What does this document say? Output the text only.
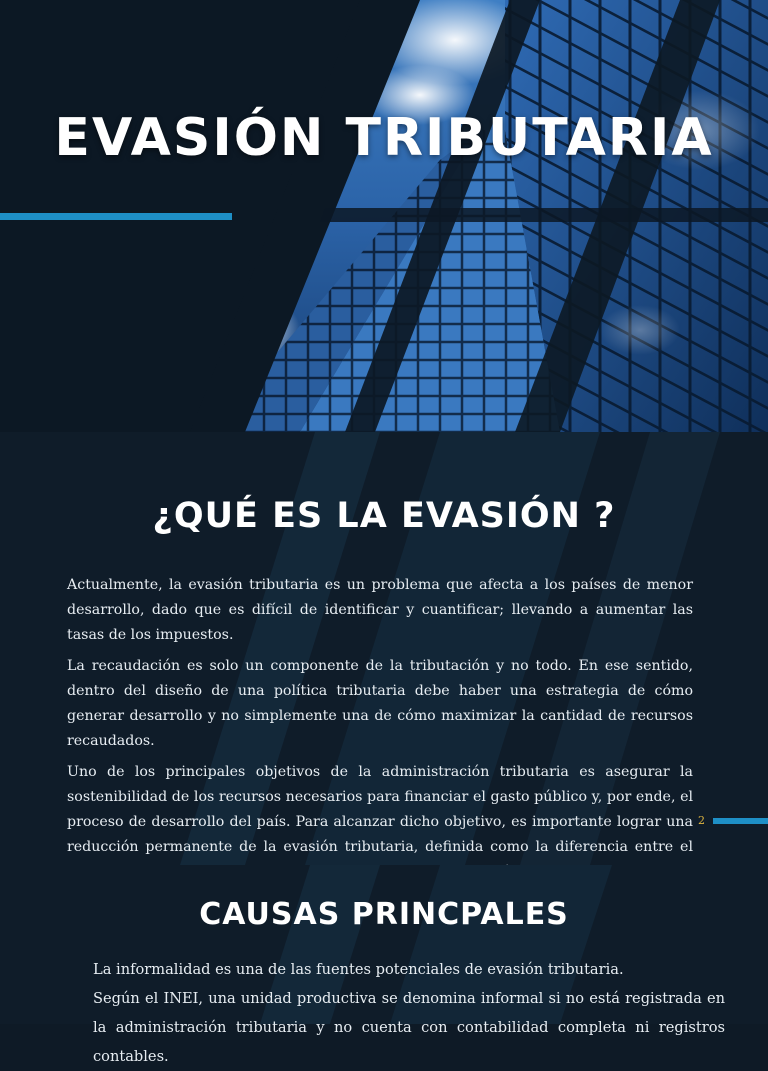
EVASIÓN TRIBUTARIA
¿QUÉ ES LA EVASIÓN ?

Actualmente, la evasión tributaria es un problema que afecta a los países de menor desarrollo, dado que es difícil de identificar y cuantificar; llevando a aumentar las tasas de los impuestos.

La recaudación es solo un componente de la tributación y no todo. En ese sentido, dentro del diseño de una política tributaria debe haber una estrategia de cómo generar desarrollo y no simplemente una de cómo maximizar la cantidad de recursos recaudados.

Uno de los principales objetivos de la administración tributaria es asegurar la sostenibilidad de los recursos necesarios para financiar el gasto público y, por ende, el proceso de desarrollo del país. Para alcanzar dicho objetivo, es importante lograr una reducción permanente de la evasión tributaria, definida como la diferencia entre el

2
CAUSAS PRINCPALES

La informalidad es una de las fuentes potenciales de evasión tributaria.

Según el INEI, una unidad productiva se denomina informal si no está registrada en la administración tributaria y no cuenta con contabilidad completa ni registros contables.
